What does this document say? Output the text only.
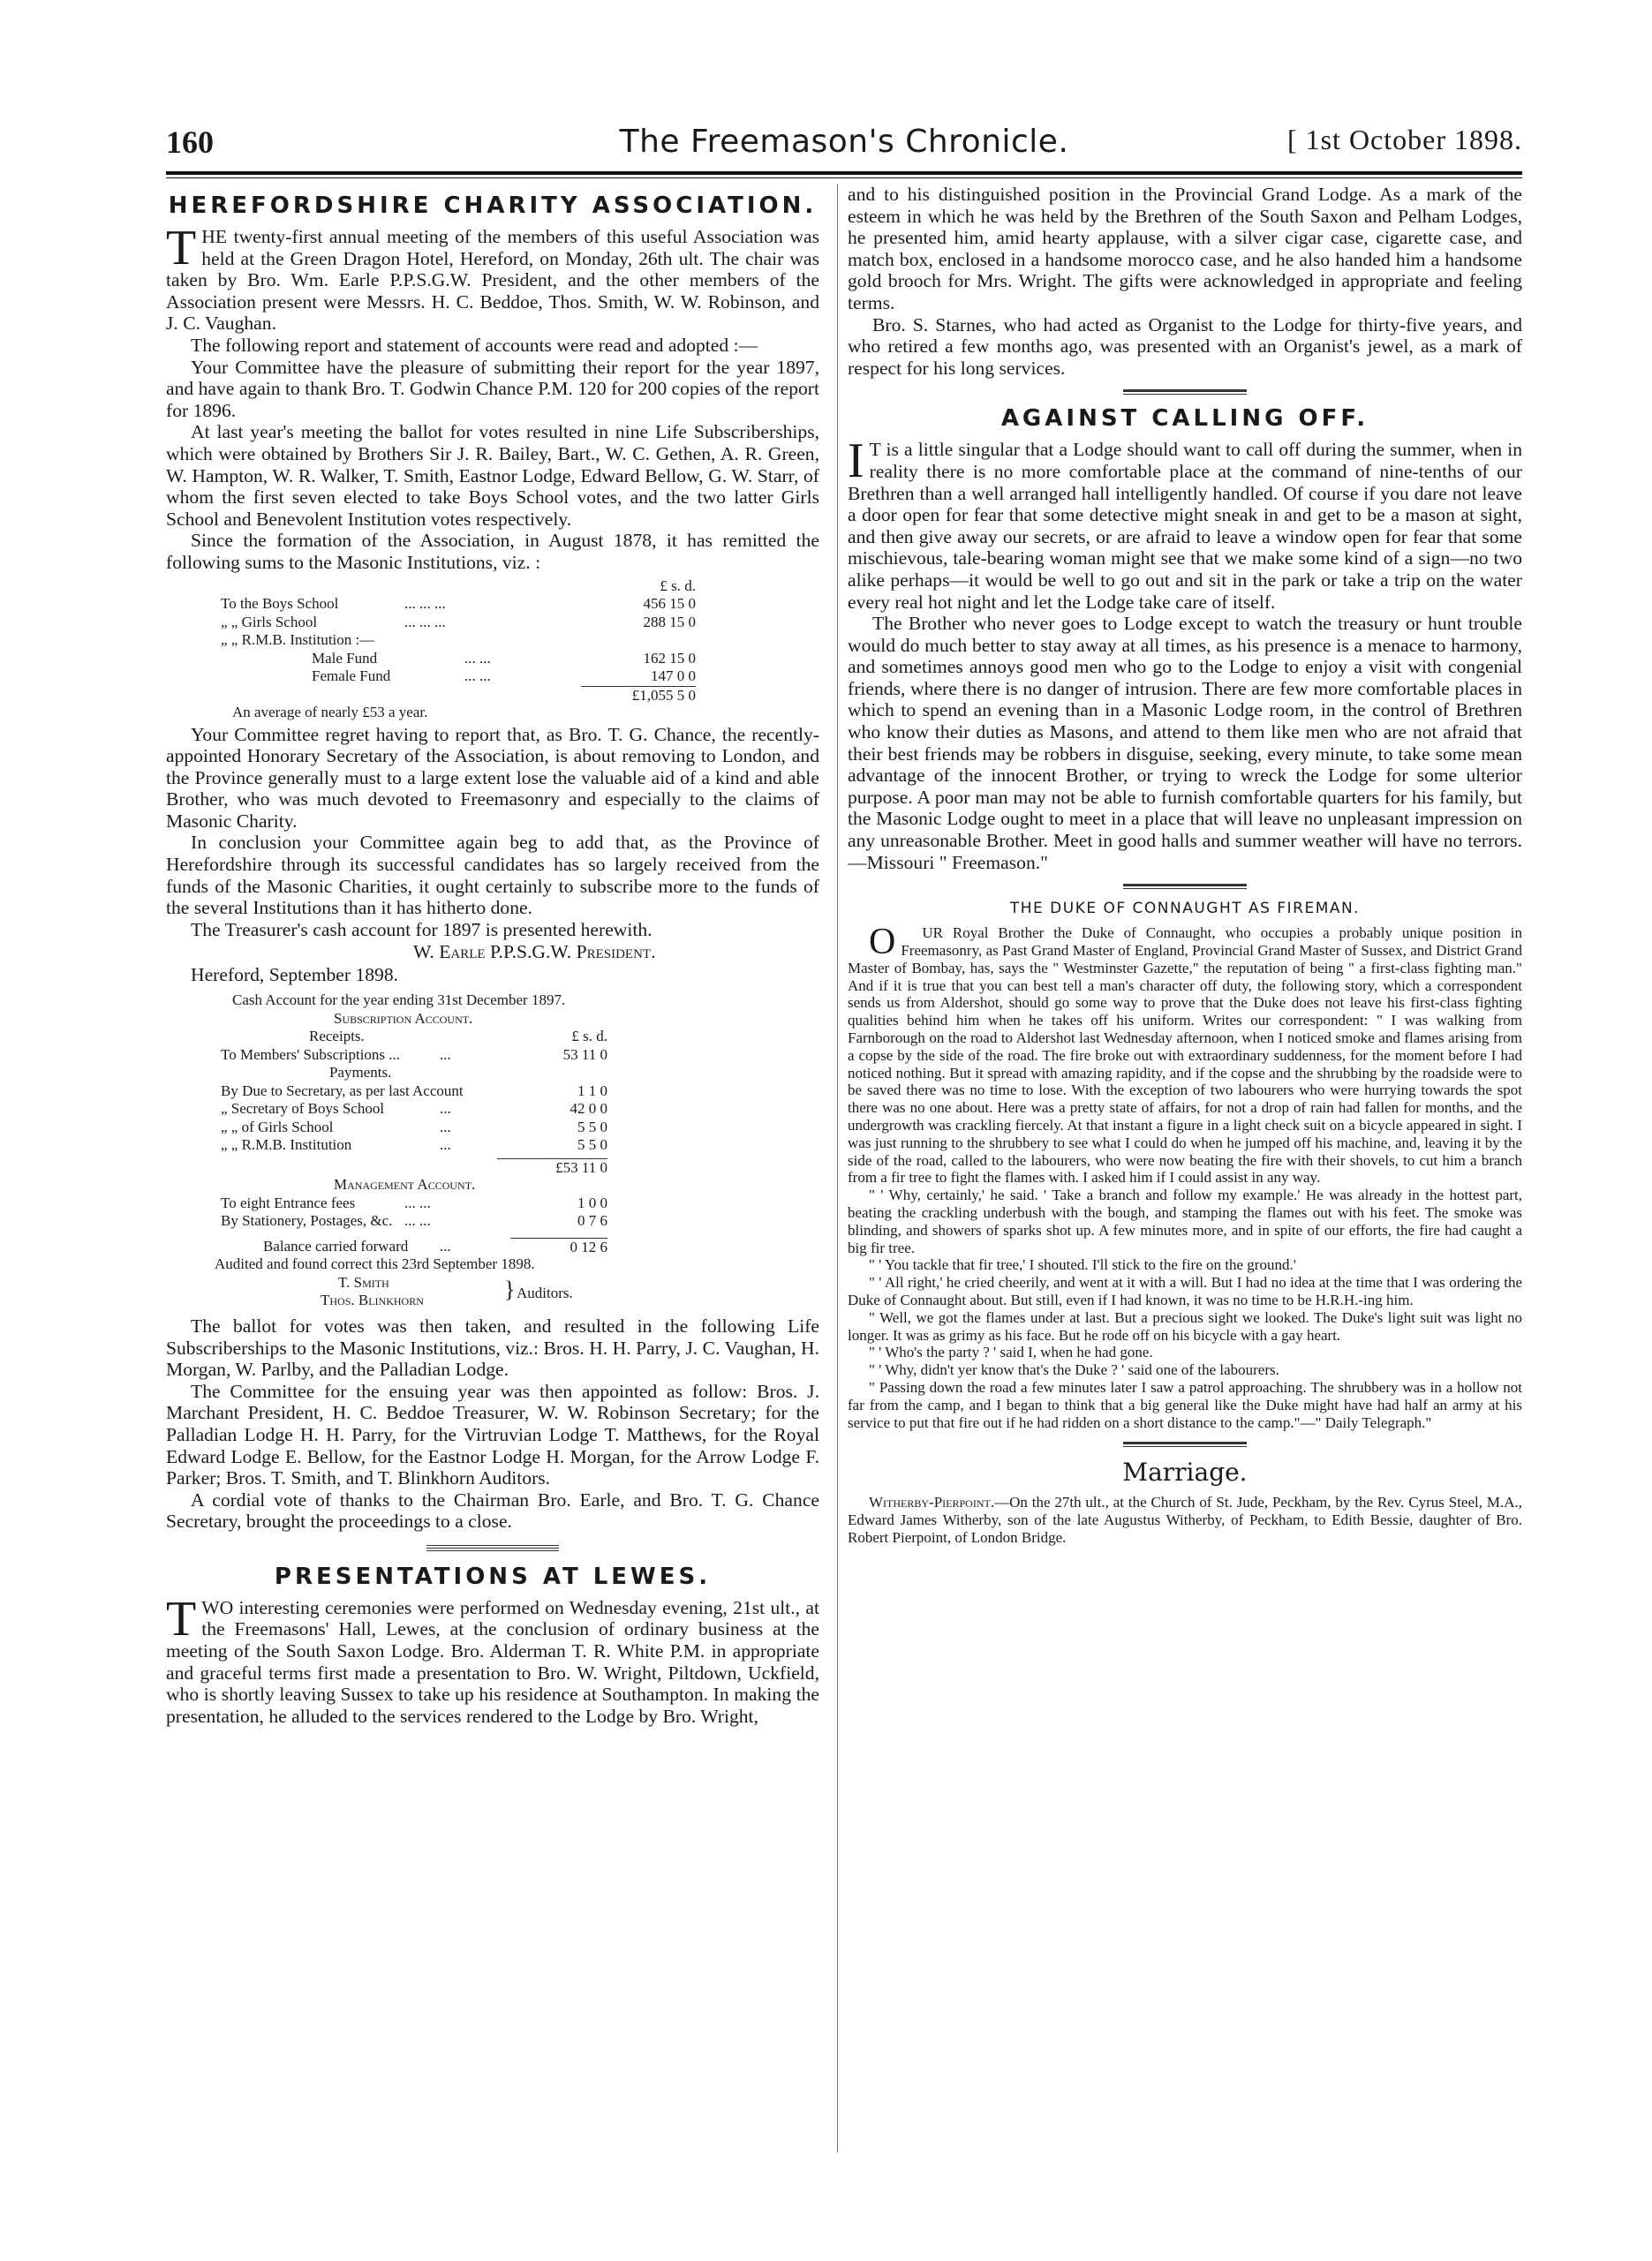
160	The Freemason's Chronicle.	[ 1st October 1898.
HEREFORDSHIRE CHARITY ASSOCIATION.

THE twenty-first annual meeting of the members of this useful Association was held at the Green Dragon Hotel, Hereford, on Monday, 26th ult. The chair was taken by Bro. Wm. Earle P.P.S.G.W. President, and the other members of the Association present were Messrs. H. C. Beddoe, Thos. Smith, W. W. Robinson, and J. C. Vaughan.

The following report and statement of accounts were read and adopted :—

Your Committee have the pleasure of submitting their report for the year 1897, and have again to thank Bro. T. Godwin Chance P.M. 120 for 200 copies of the report for 1896.

At last year's meeting the ballot for votes resulted in nine Life Subscriberships, which were obtained by Brothers Sir J. R. Bailey, Bart., W. C. Gethen, A. R. Green, W. Hampton, W. R. Walker, T. Smith, Eastnor Lodge, Edward Bellow, G. W. Starr, of whom the first seven elected to take Boys School votes, and the two latter Girls School and Benevolent Institution votes respectively.

Since the formation of the Association, in August 1878, it has remitted the following sums to the Masonic Institutions, viz. :

£ s. d.
To the Boys School	... ... ...	456 15 0
„ „ Girls School	... ... ...	288 15 0
„ „ R.M.B. Institution :—
Male Fund	... ...	162 15 0
Female Fund	... ...	147 0 0
£1,055 5 0
An average of nearly £53 a year.

Your Committee regret having to report that, as Bro. T. G. Chance, the recently-appointed Honorary Secretary of the Association, is about removing to London, and the Province generally must to a large extent lose the valuable aid of a kind and able Brother, who was much devoted to Freemasonry and especially to the claims of Masonic Charity.

In conclusion your Committee again beg to add that, as the Province of Herefordshire through its successful candidates has so largely received from the funds of the Masonic Charities, it ought certainly to subscribe more to the funds of the several Institutions than it has hitherto done.

The Treasurer's cash account for 1897 is presented herewith.

W. Earle P.P.S.G.W. President.
Hereford, September 1898.
Cash Account for the year ending 31st December 1897.
Subscription Account.
Receipts.	£ s. d.
To Members' Subscriptions ...	...	53 11 0
Payments.
By Due to Secretary, as per last Account	1 1 0
„ Secretary of Boys School	...	42 0 0
„ „ of Girls School	...	5 5 0
„ „ R.M.B. Institution	...	5 5 0
£53 11 0
Management Account.
To eight Entrance fees	... ...	1 0 0
By Stationery, Postages, &c. ... ...	0 7 6
Balance carried forward ...	0 12 6
Audited and found correct this 23rd September 1898.
T. Smith
Thos. Blinkhorn	} Auditors.

The ballot for votes was then taken, and resulted in the following Life Subscriberships to the Masonic Institutions, viz.: Bros. H. H. Parry, J. C. Vaughan, H. Morgan, W. Parlby, and the Palladian Lodge.

The Committee for the ensuing year was then appointed as follow: Bros. J. Marchant President, H. C. Beddoe Treasurer, W. W. Robinson Secretary; for the Palladian Lodge H. H. Parry, for the Virtruvian Lodge T. Matthews, for the Royal Edward Lodge E. Bellow, for the Eastnor Lodge H. Morgan, for the Arrow Lodge F. Parker; Bros. T. Smith, and T. Blinkhorn Auditors.

A cordial vote of thanks to the Chairman Bro. Earle, and Bro. T. G. Chance Secretary, brought the proceedings to a close.

PRESENTATIONS AT LEWES.

TWO interesting ceremonies were performed on Wednesday evening, 21st ult., at the Freemasons' Hall, Lewes, at the conclusion of ordinary business at the meeting of the South Saxon Lodge. Bro. Alderman T. R. White P.M. in appropriate and graceful terms first made a presentation to Bro. W. Wright, Piltdown, Uckfield, who is shortly leaving Sussex to take up his residence at Southampton. In making the presentation, he alluded to the services rendered to the Lodge by Bro. Wright,

and to his distinguished position in the Provincial Grand Lodge. As a mark of the esteem in which he was held by the Brethren of the South Saxon and Pelham Lodges, he presented him, amid hearty applause, with a silver cigar case, cigarette case, and match box, enclosed in a handsome morocco case, and he also handed him a handsome gold brooch for Mrs. Wright. The gifts were acknowledged in appropriate and feeling terms.

Bro. S. Starnes, who had acted as Organist to the Lodge for thirty-five years, and who retired a few months ago, was presented with an Organist's jewel, as a mark of respect for his long services.

AGAINST CALLING OFF.

I T is a little singular that a Lodge should want to call off during the summer, when in reality there is no more comfortable place at the command of nine-tenths of our Brethren than a well arranged hall intelligently handled. Of course if you dare not leave a door open for fear that some detective might sneak in and get to be a mason at sight, and then give away our secrets, or are afraid to leave a window open for fear that some mischievous, tale-bearing woman might see that we make some kind of a sign—no two alike perhaps—it would be well to go out and sit in the park or take a trip on the water every real hot night and let the Lodge take care of itself.

The Brother who never goes to Lodge except to watch the treasury or hunt trouble would do much better to stay away at all times, as his presence is a menace to harmony, and sometimes annoys good men who go to the Lodge to enjoy a visit with congenial friends, where there is no danger of intrusion. There are few more comfortable places in which to spend an evening than in a Masonic Lodge room, in the control of Brethren who know their duties as Masons, and attend to them like men who are not afraid that their best friends may be robbers in disguise, seeking, every minute, to take some mean advantage of the innocent Brother, or trying to wreck the Lodge for some ulterior purpose. A poor man may not be able to furnish comfortable quarters for his family, but the Masonic Lodge ought to meet in a place that will leave no unpleasant impression on any unreasonable Brother. Meet in good halls and summer weather will have no terrors.—Missouri " Freemason."

THE DUKE OF CONNAUGHT AS FIREMAN.

O UR Royal Brother the Duke of Connaught, who occupies a probably unique position in Freemasonry, as Past Grand Master of England, Provincial Grand Master of Sussex, and District Grand Master of Bombay, has, says the " Westminster Gazette," the reputation of being " a first-class fighting man." And if it is true that you can best tell a man's character off duty, the following story, which a correspondent sends us from Aldershot, should go some way to prove that the Duke does not leave his first-class fighting qualities behind him when he takes off his uniform. Writes our correspondent: " I was walking from Farnborough on the road to Aldershot last Wednesday afternoon, when I noticed smoke and flames arising from a copse by the side of the road. The fire broke out with extraordinary suddenness, for the moment before I had noticed nothing. But it spread with amazing rapidity, and if the copse and the shrubbing by the roadside were to be saved there was no time to lose. With the exception of two labourers who were hurrying towards the spot there was no one about. Here was a pretty state of affairs, for not a drop of rain had fallen for months, and the undergrowth was crackling fiercely. At that instant a figure in a light check suit on a bicycle appeared in sight. I was just running to the shrubbery to see what I could do when he jumped off his machine, and, leaving it by the side of the road, called to the labourers, who were now beating the fire with their shovels, to cut him a branch from a fir tree to fight the flames with. I asked him if I could assist in any way.

" ' Why, certainly,' he said. ' Take a branch and follow my example.' He was already in the hottest part, beating the crackling underbush with the bough, and stamping the flames out with his feet. The smoke was blinding, and showers of sparks shot up. A few minutes more, and in spite of our efforts, the fire had caught a big fir tree.

" ' You tackle that fir tree,' I shouted. I'll stick to the fire on the ground.'

" ' All right,' he cried cheerily, and went at it with a will. But I had no idea at the time that I was ordering the Duke of Connaught about. But still, even if I had known, it was no time to be H.R.H.-ing him.

" Well, we got the flames under at last. But a precious sight we looked. The Duke's light suit was light no longer. It was as grimy as his face. But he rode off on his bicycle with a gay heart.

" ' Who's the party ? ' said I, when he had gone.

" ' Why, didn't yer know that's the Duke ? ' said one of the labourers.

" Passing down the road a few minutes later I saw a patrol approaching. The shrubbery was in a hollow not far from the camp, and I began to think that a big general like the Duke might have had half an army at his service to put that fire out if he had ridden on a short distance to the camp."—" Daily Telegraph."

Marriage.

Witherby-Pierpoint.—On the 27th ult., at the Church of St. Jude, Peckham, by the Rev. Cyrus Steel, M.A., Edward James Witherby, son of the late Augustus Witherby, of Peckham, to Edith Bessie, daughter of Bro. Robert Pierpoint, of London Bridge.
